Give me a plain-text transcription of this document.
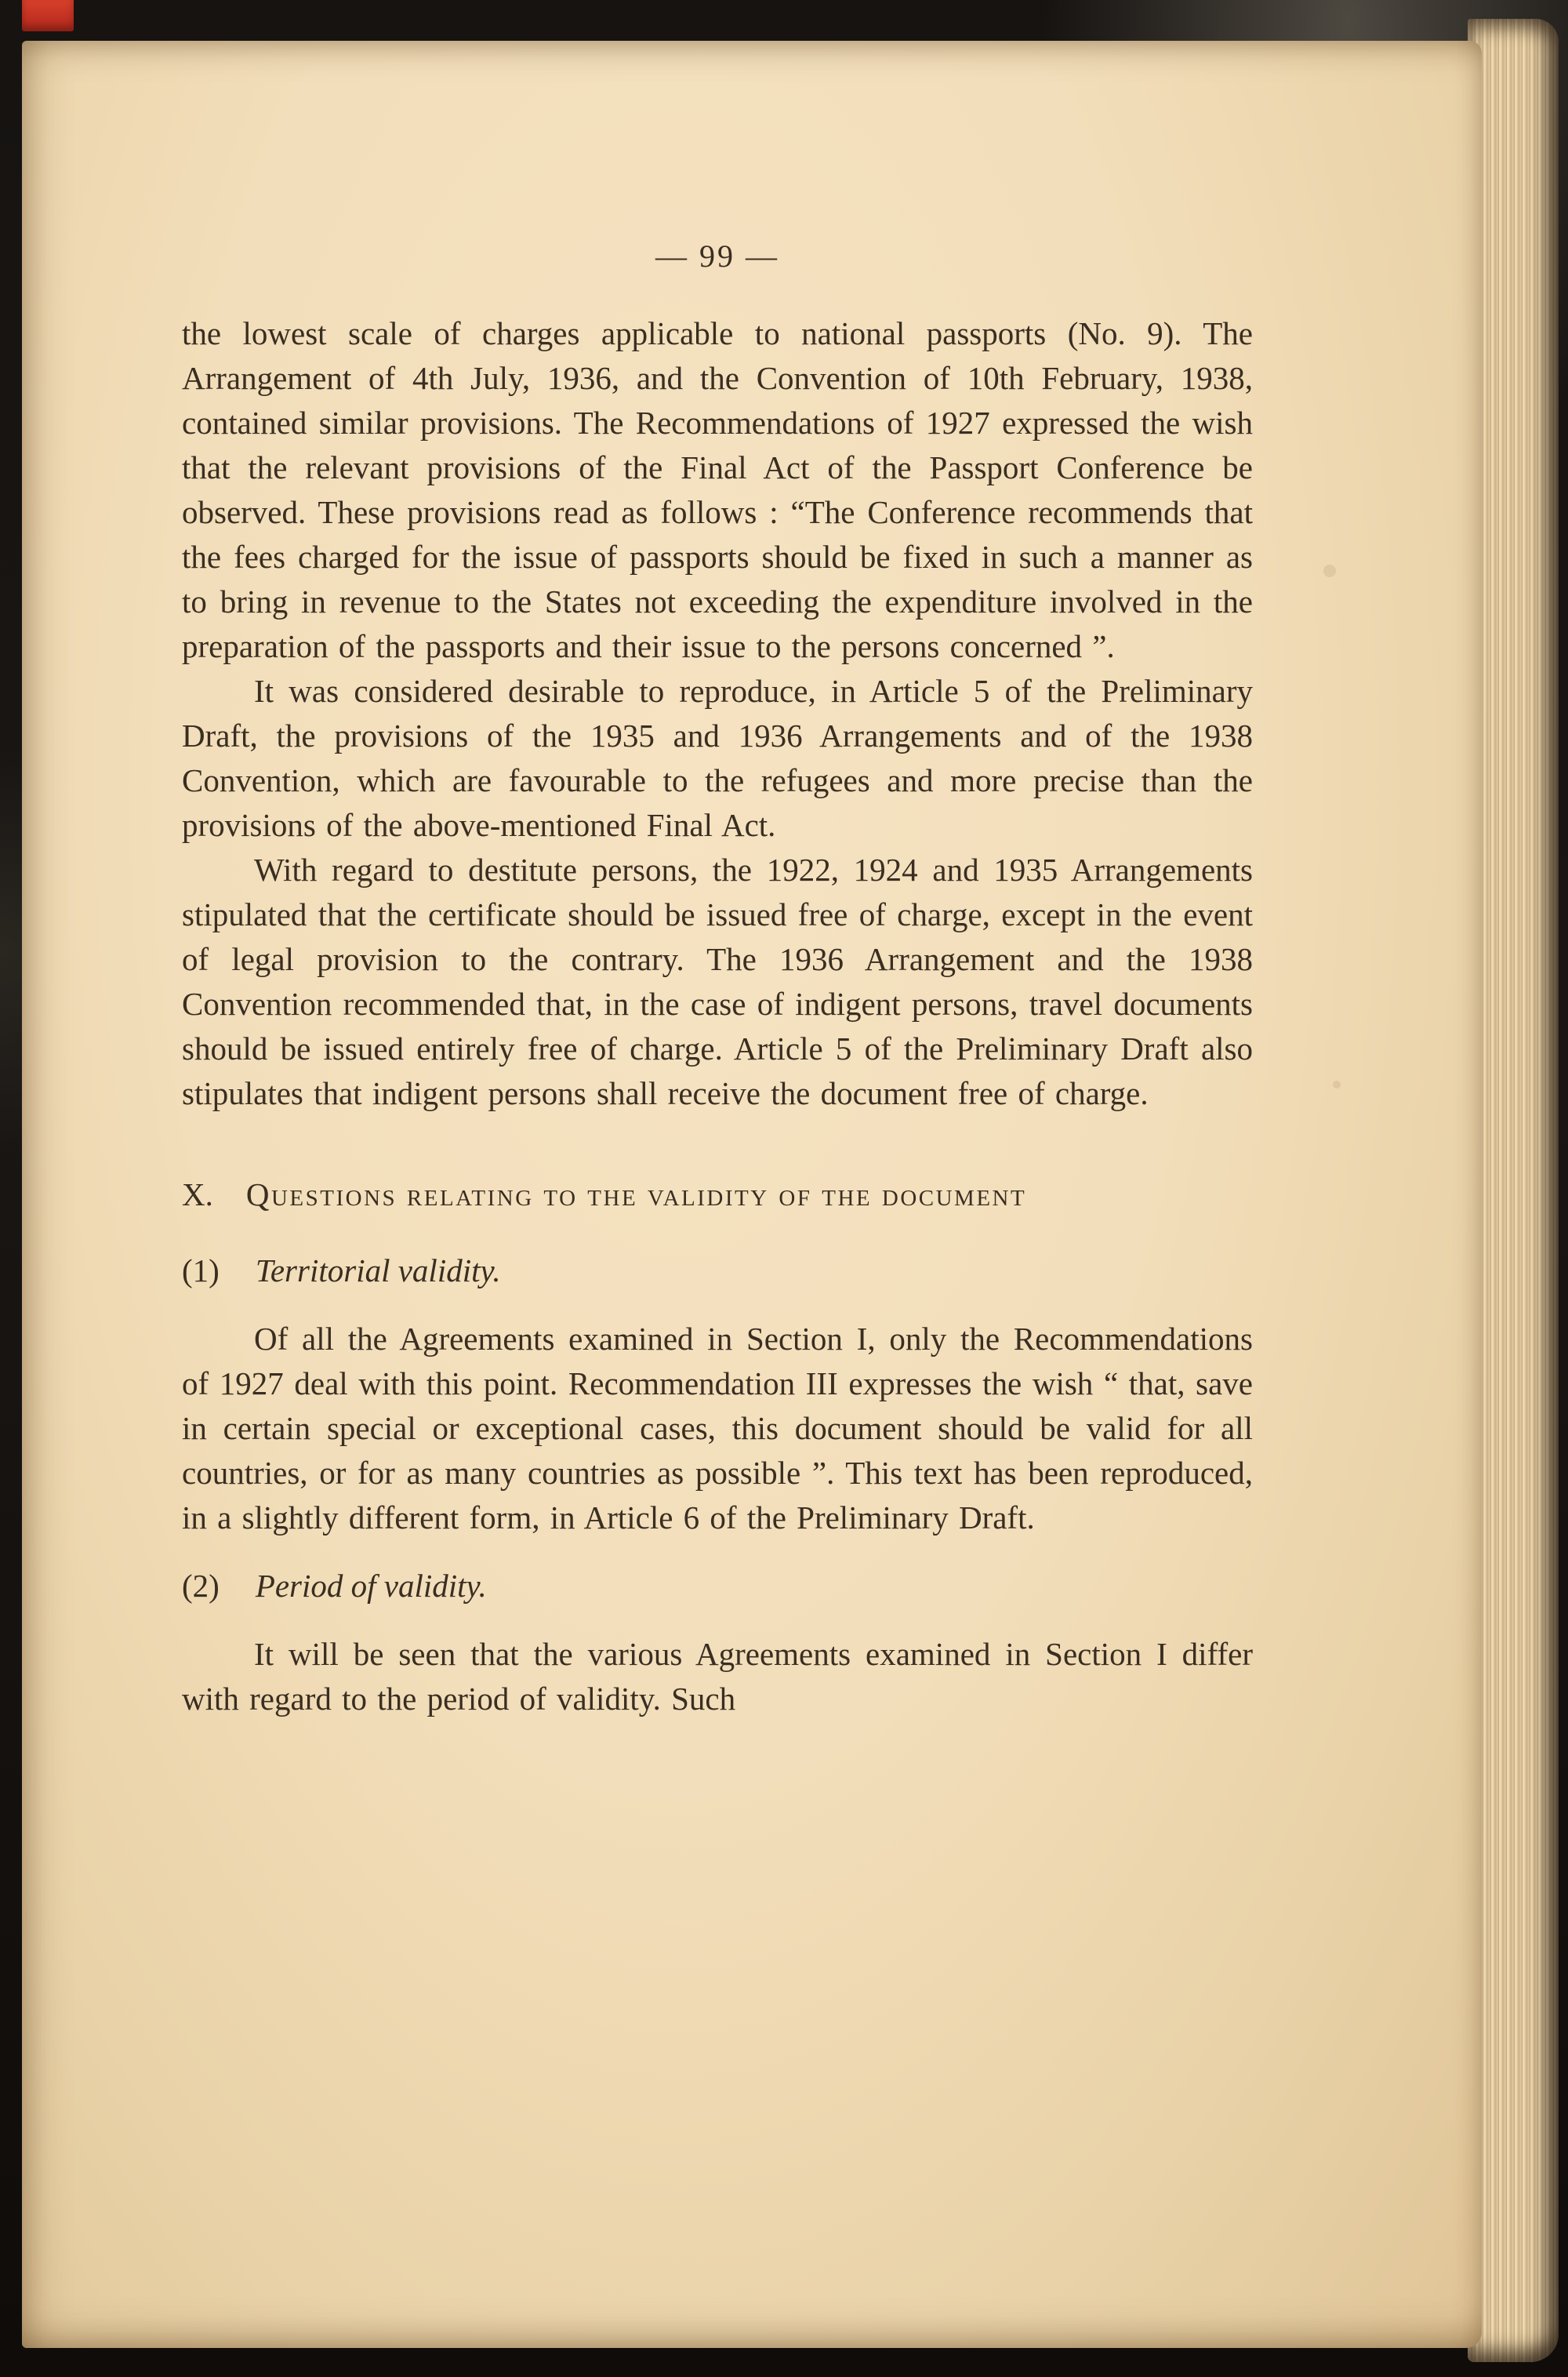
— 99 —

the lowest scale of charges applicable to national passports (No. 9). The Arrangement of 4th July, 1936, and the Convention of 10th February, 1938, contained similar provisions. The Recommendations of 1927 expressed the wish that the relevant provisions of the Final Act of the Passport Conference be observed. These provisions read as follows : “The Conference recommends that the fees charged for the issue of passports should be fixed in such a manner as to bring in revenue to the States not exceeding the expenditure involved in the preparation of the passports and their issue to the persons concerned ”.

It was considered desirable to reproduce, in Article 5 of the Preliminary Draft, the provisions of the 1935 and 1936 Arrangements and of the 1938 Convention, which are favourable to the refugees and more precise than the provisions of the above-mentioned Final Act.

With regard to destitute persons, the 1922, 1924 and 1935 Arrangements stipulated that the certificate should be issued free of charge, except in the event of legal provision to the contrary. The 1936 Arrangement and the 1938 Convention recommended that, in the case of indigent persons, travel documents should be issued entirely free of charge. Article 5 of the Preliminary Draft also stipulates that indigent persons shall receive the document free of charge.

X. Questions relating to the validity of the document
(1) Territorial validity.

Of all the Agreements examined in Section I, only the Recommendations of 1927 deal with this point. Recommendation III expresses the wish “ that, save in certain special or exceptional cases, this document should be valid for all countries, or for as many countries as possible ”. This text has been reproduced, in a slightly different form, in Article 6 of the Preliminary Draft.

(2) Period of validity.

It will be seen that the various Agreements examined in Section I differ with regard to the period of validity. Such
